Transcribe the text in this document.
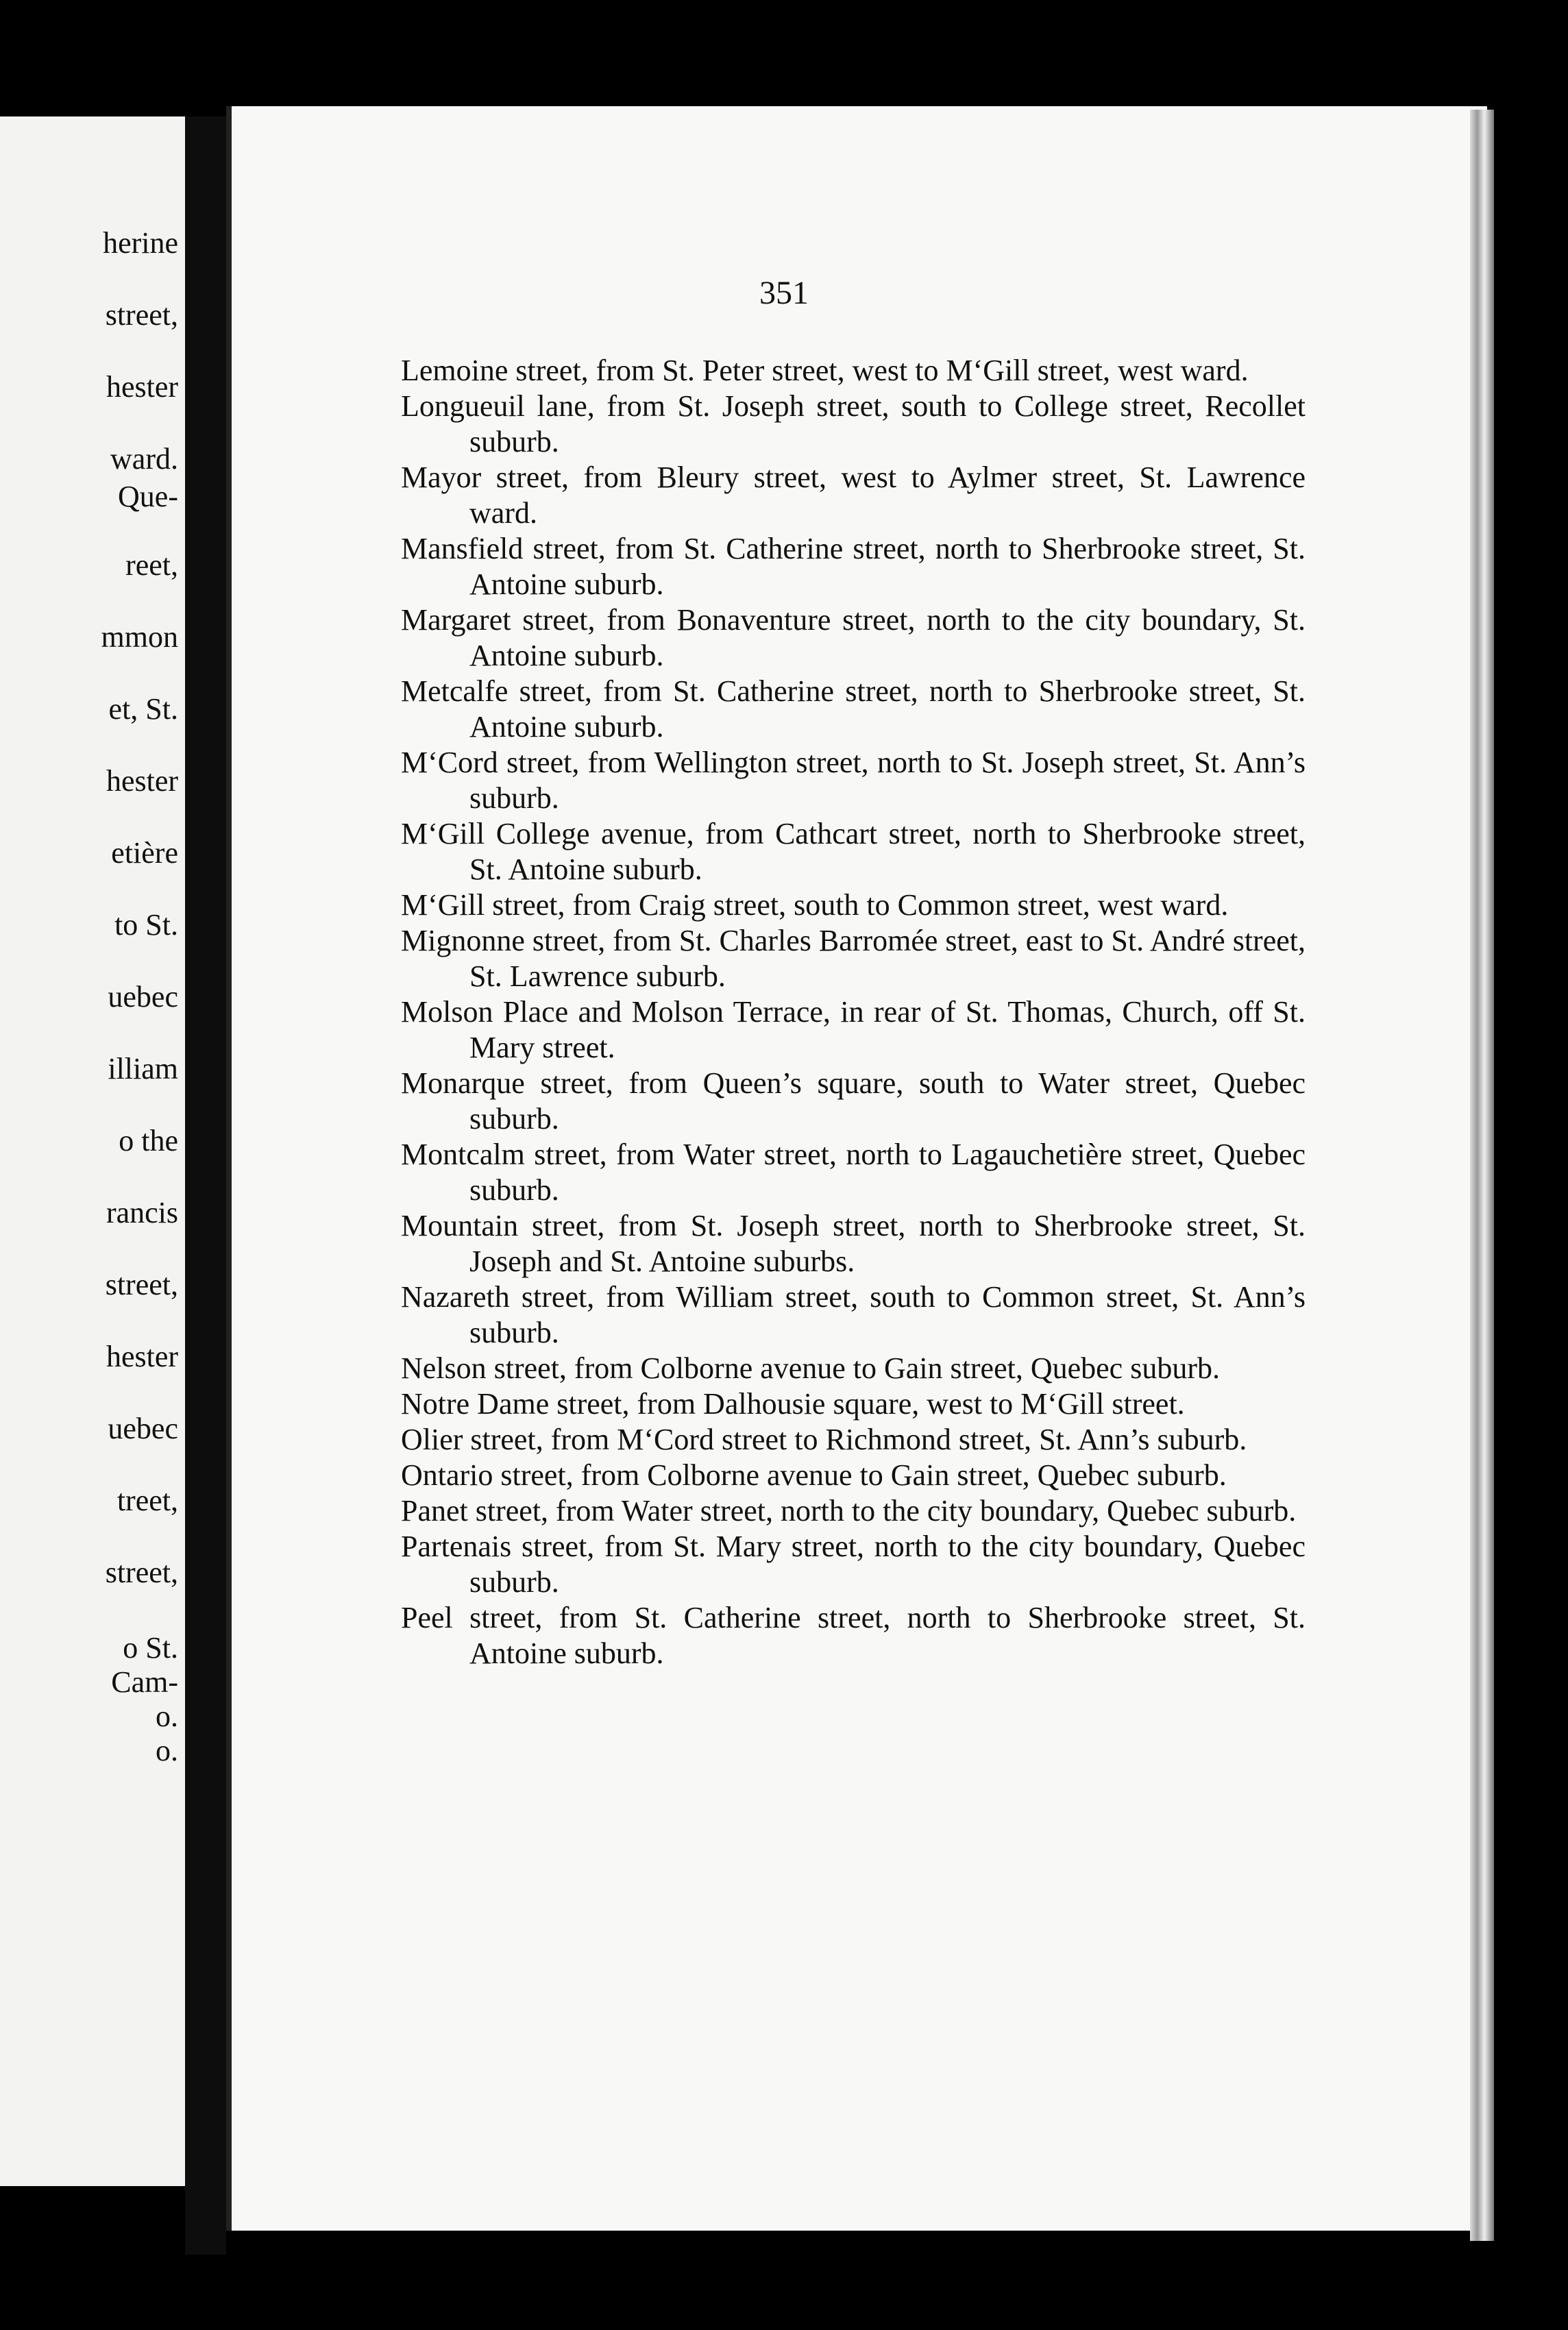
herine
street,
hester
ward.
Que-
reet,
mmon
et, St.
hester
etière
to St.
uebec
illiam
o the
rancis
street,
hester
uebec
treet,
street,
o St.
Cam-
o.
o.
351

Lemoine street, from St. Peter street, west to M‘Gill street, west ward.

Longueuil lane, from St. Joseph street, south to College street, Recollet suburb.

Mayor street, from Bleury street, west to Aylmer street, St. Lawrence ward.

Mansfield street, from St. Catherine street, north to Sherbrooke street, St. Antoine suburb.

Margaret street, from Bonaventure street, north to the city boundary, St. Antoine suburb.

Metcalfe street, from St. Catherine street, north to Sherbrooke street, St. Antoine suburb.

M‘Cord street, from Wellington street, north to St. Joseph street, St. Ann’s suburb.

M‘Gill College avenue, from Cathcart street, north to Sherbrooke street, St. Antoine suburb.

M‘Gill street, from Craig street, south to Common street, west ward.

Mignonne street, from St. Charles Barromée street, east to St. André street, St. Lawrence suburb.

Molson Place and Molson Terrace, in rear of St. Thomas, Church, off St. Mary street.

Monarque street, from Queen’s square, south to Water street, Quebec suburb.

Montcalm street, from Water street, north to Lagauchetière street, Quebec suburb.

Mountain street, from St. Joseph street, north to Sherbrooke street, St. Joseph and St. Antoine suburbs.

Nazareth street, from William street, south to Common street, St. Ann’s suburb.

Nelson street, from Colborne avenue to Gain street, Quebec suburb.

Notre Dame street, from Dalhousie square, west to M‘Gill street.

Olier street, from M‘Cord street to Richmond street, St. Ann’s suburb.

Ontario street, from Colborne avenue to Gain street, Quebec suburb.

Panet street, from Water street, north to the city boundary, Quebec suburb.

Partenais street, from St. Mary street, north to the city boundary, Quebec suburb.

Peel street, from St. Catherine street, north to Sherbrooke street, St. Antoine suburb.
